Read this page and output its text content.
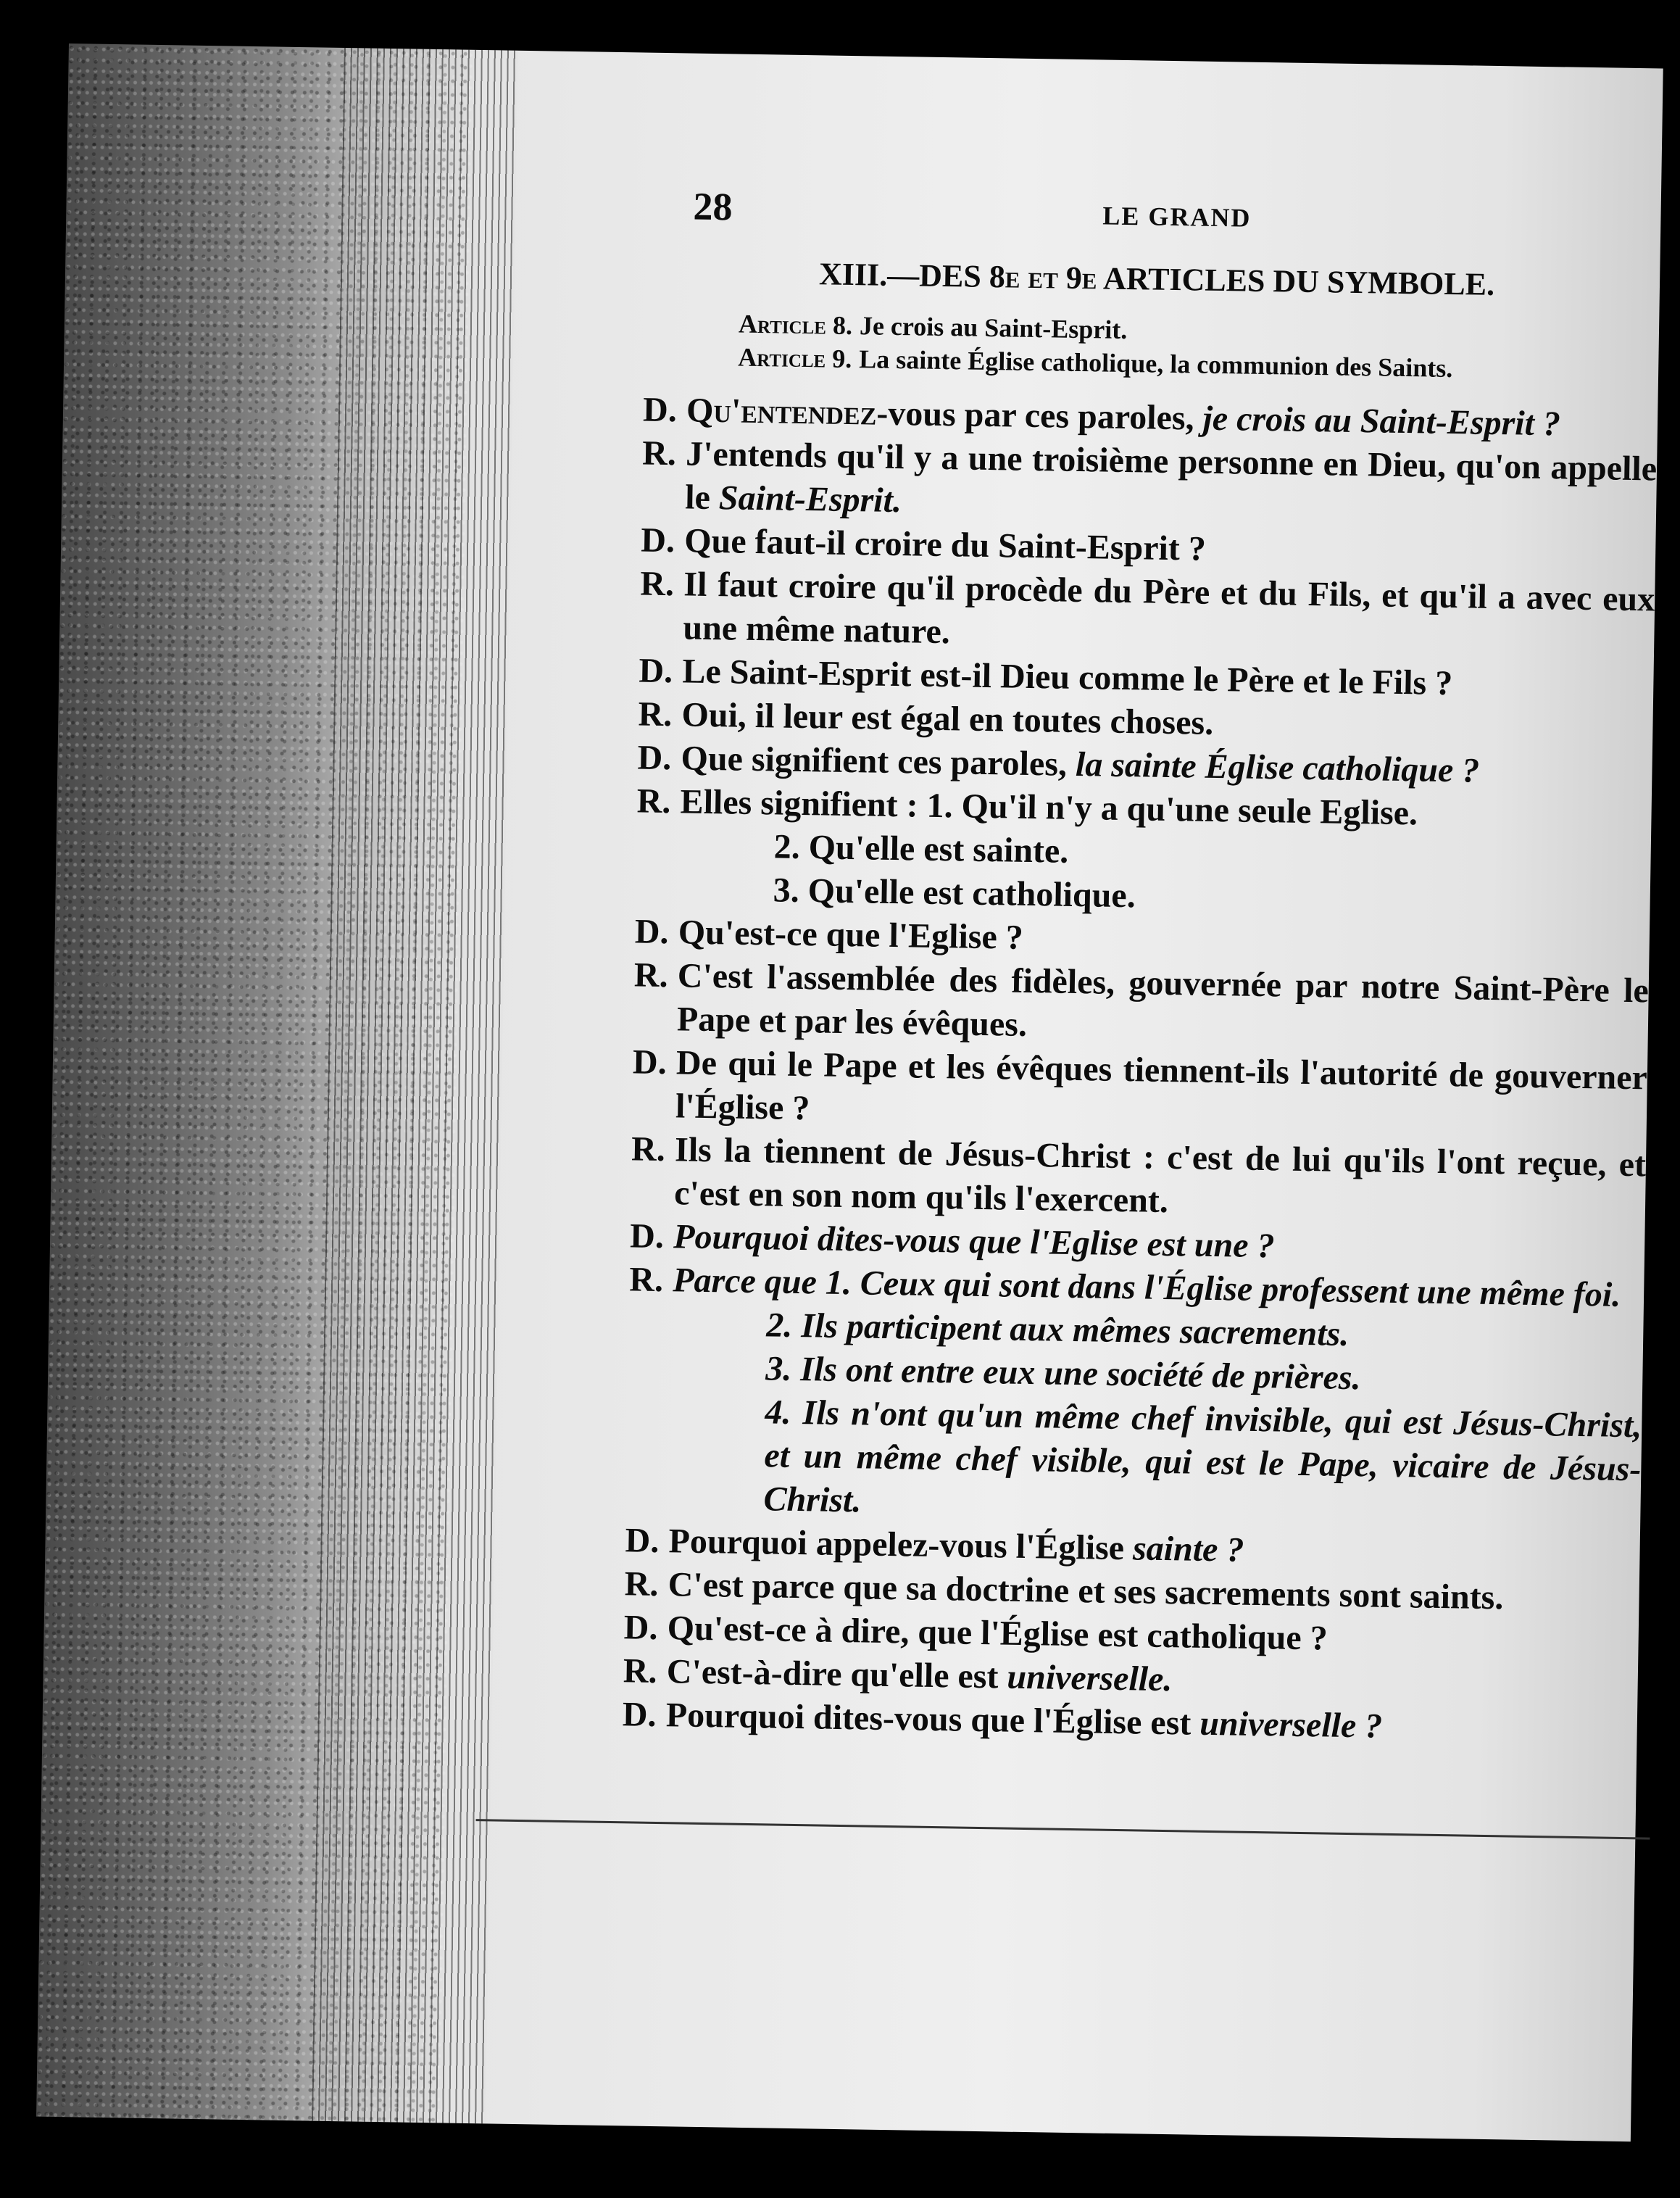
28	LE GRAND
XIII.—DES 8e et 9e ARTICLES DU SYMBOLE.
Article 8. Je crois au Saint-Esprit.
Article 9. La sainte Église catholique, la communion des Saints.
D. Qu'entendez-vous par ces paroles, je crois au Saint-Esprit ?
R. J'entends qu'il y a une troisième personne en Dieu, qu'on appelle le Saint-Esprit.
D. Que faut-il croire du Saint-Esprit ?
R. Il faut croire qu'il procède du Père et du Fils, et qu'il a avec eux une même nature.
D. Le Saint-Esprit est-il Dieu comme le Père et le Fils ?
R. Oui, il leur est égal en toutes choses.
D. Que signifient ces paroles, la sainte Église catholique ?
R. Elles signifient : 1. Qu'il n'y a qu'une seule Eglise.
2. Qu'elle est sainte.
3. Qu'elle est catholique.
D. Qu'est-ce que l'Eglise ?
R. C'est l'assemblée des fidèles, gouvernée par notre Saint-Père le Pape et par les évêques.
D. De qui le Pape et les évêques tiennent-ils l'autorité de gouverner l'Église ?
R. Ils la tiennent de Jésus-Christ : c'est de lui qu'ils l'ont reçue, et c'est en son nom qu'ils l'exercent.
D. Pourquoi dites-vous que l'Eglise est une ?
R. Parce que 1. Ceux qui sont dans l'Église professent une même foi.
2. Ils participent aux mêmes sacrements.
3. Ils ont entre eux une société de prières.
4. Ils n'ont qu'un même chef invisible, qui est Jésus-Christ, et un même chef visible, qui est le Pape, vicaire de Jésus-Christ.
D. Pourquoi appelez-vous l'Église sainte ?
R. C'est parce que sa doctrine et ses sacrements sont saints.
D. Qu'est-ce à dire, que l'Église est catholique ?
R. C'est-à-dire qu'elle est universelle.
D. Pourquoi dites-vous que l'Église est universelle ?
